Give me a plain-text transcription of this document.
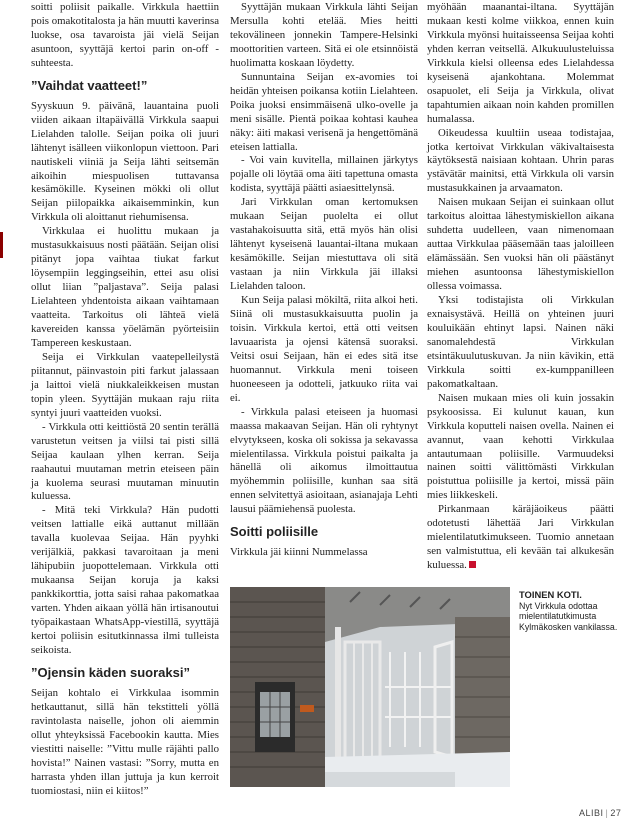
soitti poliisit paikalle. Virkkula haettiin pois omakotitalosta ja hän muutti kaverinsa luokse, osa tavaroista jäi vielä Seijan asuntoon, syyttäjä kertoi parin on-off -suhteesta.

”Vaihdat vaatteet!”

Syyskuun 9. päivänä, lauantaina puoli viiden aikaan iltapäivällä Virkkula saapui Lielahden talolle. Seijan poika oli juuri lähtenyt isälleen viikonlopun viettoon. Pari nautiskeli viiniä ja Seija lähti seitsemän aikoihin miespuolisen tuttavansa kesämökille. Kyseinen mökki oli ollut Seijan piilopaikka aikaisemminkin, kun Virkkula oli aloittanut riehumisensa.

Virkkulaa ei huolittu mukaan ja mustasukkaisuus nosti päätään. Seijan olisi pitänyt jopa vaihtaa tiukat farkut löysempiin leggingseihin, ettei asu olisi ollut liian ”paljastava”. Seija palasi Lielahteen yhdentoista aikaan vaihtamaan vaatteita. Tarkoitus oli lähteä vielä kavereiden kanssa yöelämän pyörteisiin Tampereen keskustaan.

Seija ei Virkkulan vaatepelleilystä piitannut, päinvastoin piti farkut jalassaan ja laittoi vielä niukkaleikkeisen mustan topin yleen. Syyttäjän mukaan raju riita syntyi juuri vaatteiden vuoksi.

- Virkkula otti keittiöstä 20 sentin terällä varustetun veitsen ja viilsi tai pisti sillä Seijaa kaulaan ylhen kerran. Seija raahautui muutaman metrin eteiseen päin ja kuolema seurasi muutaman minuutin kuluessa.

- Mitä teki Virkkula? Hän pudotti veitsen lattialle eikä auttanut millään tavalla kuolevaa Seijaa. Hän pyyhki verijälkiä, pakkasi tavaroitaan ja meni lähipubiin juopottelemaan. Virkkula otti mukaansa Seijan koruja ja kaksi pankkikorttia, jotta saisi rahaa pakomatkaa varten. Yhden aikaan yöllä hän irtisanoutui työpaikastaan WhatsApp-viestillä, syyttäjä kertoi poliisin esitutkinnassa ilmi tulleista seikoista.

”Ojensin käden suoraksi”

Seijan kohtalo ei Virkkulaa isommin hetkauttanut, sillä hän tekstitteli yöllä ravintolasta naiselle, johon oli aiemmin ollut yhteyksissä Facebookin kautta. Mies viestitti naiselle: ”Vittu mulle räjähti pallo hovista!” Nainen vastasi: ”Sorry, mutta en harrasta yhden illan juttuja ja kun kerroit tuomiostasi, niin ei kiitos!”

Syyttäjän mukaan Virkkula lähti Seijan Mersulla kohti etelää. Mies heitti tekovälineen jonnekin Tampere-Helsinki moottoritien varteen. Sitä ei ole etsinnöistä huolimatta koskaan löydetty.

Sunnuntaina Seijan ex-avomies toi heidän yhteisen poikansa kotiin Lielahteen. Poika juoksi ensimmäisenä ulko-ovelle ja meni sisälle. Pientä poikaa kohtasi kauhea näky: äiti makasi verisenä ja hengettömänä eteisen lattialla.

- Voi vain kuvitella, millainen järkytys pojalle oli löytää oma äiti tapettuna omasta kodista, syyttäjä päätti asiaesittelynsä.

Jari Virkkulan oman kertomuksen mukaan Seijan puolelta ei ollut vastahakoisuutta sitä, että myös hän olisi lähtenyt kyseisenä lauantai-iltana mukaan kesämökille. Seijan miestuttava oli sitä vastaan ja niin Virkkula jäi illaksi Lielahden taloon.

Kun Seija palasi mökiltä, riita alkoi heti. Siinä oli mustasukkaisuutta puolin ja toisin. Virkkula kertoi, että otti veitsen lavuaarista ja ojensi kätensä suoraksi. Veitsi osui Seijaan, hän ei edes sitä itse huomannut. Virkkula meni toiseen huoneeseen ja odotteli, jatkuuko riita vai ei.

- Virkkula palasi eteiseen ja huomasi maassa makaavan Seijan. Hän oli ryhtynyt elvytykseen, koska oli sokissa ja sekavassa mielentilassa. Virkkula poistui paikalta ja hänellä oli aikomus ilmoittautua myöhemmin poliisille, kunhan saa sitä ennen selvitettyä asioitaan, asianajaja Lehti lausui päämiehensä puolesta.

Soitti poliisille

Virkkula jäi kiinni Nummelassa

myöhään maanantai-iltana. Syyttäjän mukaan kesti kolme viikkoa, ennen kuin Virkkula myönsi huitaisseensa Seijaa kohti yhden kerran veitsellä. Alkukuulusteluissa Virkkula kielsi olleensa edes Lielahdessa kyseisenä ajankohtana. Molemmat osapuolet, eli Seija ja Virkkula, olivat tapahtumien aikaan noin kahden promillen humalassa.

Oikeudessa kuultiin useaa todistajaa, jotka kertoivat Virkkulan väkivaltaisesta käytöksestä naisiaan kohtaan. Uhrin paras ystävätär mainitsi, että Virkkula oli varsin mustasukkainen ja arvaamaton.

Naisen mukaan Seijan ei suinkaan ollut tarkoitus aloittaa lähestymiskiellon aikana suhdetta uudelleen, vaan nimenomaan auttaa Virkkulaa pääsemään taas jaloilleen elämässään. Sen vuoksi hän oli päästänyt miehen asuntoonsa lähestymiskiellon ollessa voimassa.

Yksi todistajista oli Virkkulan exnaisystävä. Heillä on yhteinen juuri kouluikään ehtinyt lapsi. Nainen näki sanomalehdestä Virkkulan etsintäkuulutuskuvan. Ja niin kävikin, että Virkkula soitti ex-kumppanilleen pakomatkaltaan.

Naisen mukaan mies oli kuin jossakin psykoosissa. Ei kulunut kauan, kun Virkkula koputteli naisen ovella. Nainen ei avannut, vaan kehotti Virkkulaa antautumaan poliisille. Varmuudeksi nainen soitti välittömästi Virkkulan poistuttua poliisille ja kertoi, missä päin mies liikkeskeli.

Pirkanmaan käräjäoikeus päätti odotetusti lähettää Jari Virkkulan mielentilatutkimukseen. Tuomio annetaan sen valmistuttua, eli kevään tai alkukesän kuluessa.

TOINEN KOTI.
Nyt Virkkula odottaa mielentilatutkimusta Kylmäkosken vankilassa.
ALIBI | 27
